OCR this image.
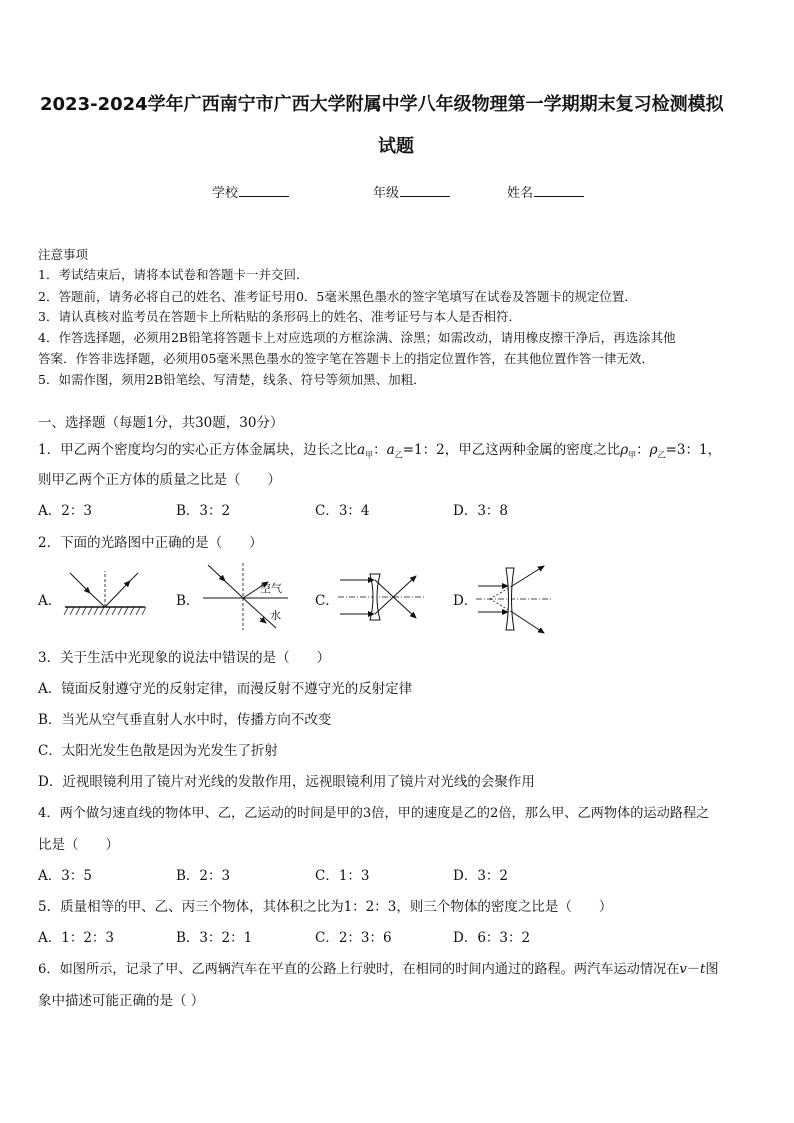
2023-2024学年广西南宁市广西大学附属中学八年级物理第一学期期末复习检测模拟
试题
学校	年级	姓名
注意事项
1．考试结束后，请将本试卷和答题卡一并交回．
2．答题前，请务必将自己的姓名、准考证号用0．5毫米黑色墨水的签字笔填写在试卷及答题卡的规定位置．
3．请认真核对监考员在答题卡上所粘贴的条形码上的姓名、准考证号与本人是否相符．
4．作答选择题，必须用2B铅笔将答题卡上对应选项的方框涂满、涂黑；如需改动，请用橡皮擦干净后，再选涂其他
答案．作答非选择题，必须用05毫米黑色墨水的签字笔在答题卡上的指定位置作答，在其他位置作答一律无效．
5．如需作图，须用2B铅笔绘、写清楚，线条、符号等须加黑、加粗．
一、选择题（每题1分，共30题，30分）
1．甲乙两个密度均匀的实心正方体金属块，边长之比$a_甲$：$a_乙=1$：2，甲乙这两种金属的密度之比$\rho_甲$：$\rho_乙=3$：1，
则甲乙两个正方体的质量之比是（　　）
A．2：3	B．3：2	C．3：4	D．3：8
2．下面的光路图中正确的是（　　）
A．	B．	C．	D．
空气
水
3．关于生活中光现象的说法中错误的是（　　）
A．镜面反射遵守光的反射定律，而漫反射不遵守光的反射定律
B．当光从空气垂直射人水中时，传播方向不改变
C．太阳光发生色散是因为光发生了折射
D．近视眼镜利用了镜片对光线的发散作用，远视眼镜利用了镜片对光线的会聚作用
4．两个做匀速直线的物体甲、乙，乙运动的时间是甲的3倍，甲的速度是乙的2倍，那么甲、乙两物体的运动路程之
比是（　　）
A．3：5	B．2：3	C．1：3	D．3：2
5．质量相等的甲、乙、丙三个物体，其体积之比为1：2：3，则三个物体的密度之比是（　　）
A．1：2：3	B．3：2：1	C．2：3：6	D．6：3：2
6．如图所示，记录了甲、乙两辆汽车在平直的公路上行驶时，在相同的时间内通过的路程。两汽车运动情况在v－t图
象中描述可能正确的是（ ）
